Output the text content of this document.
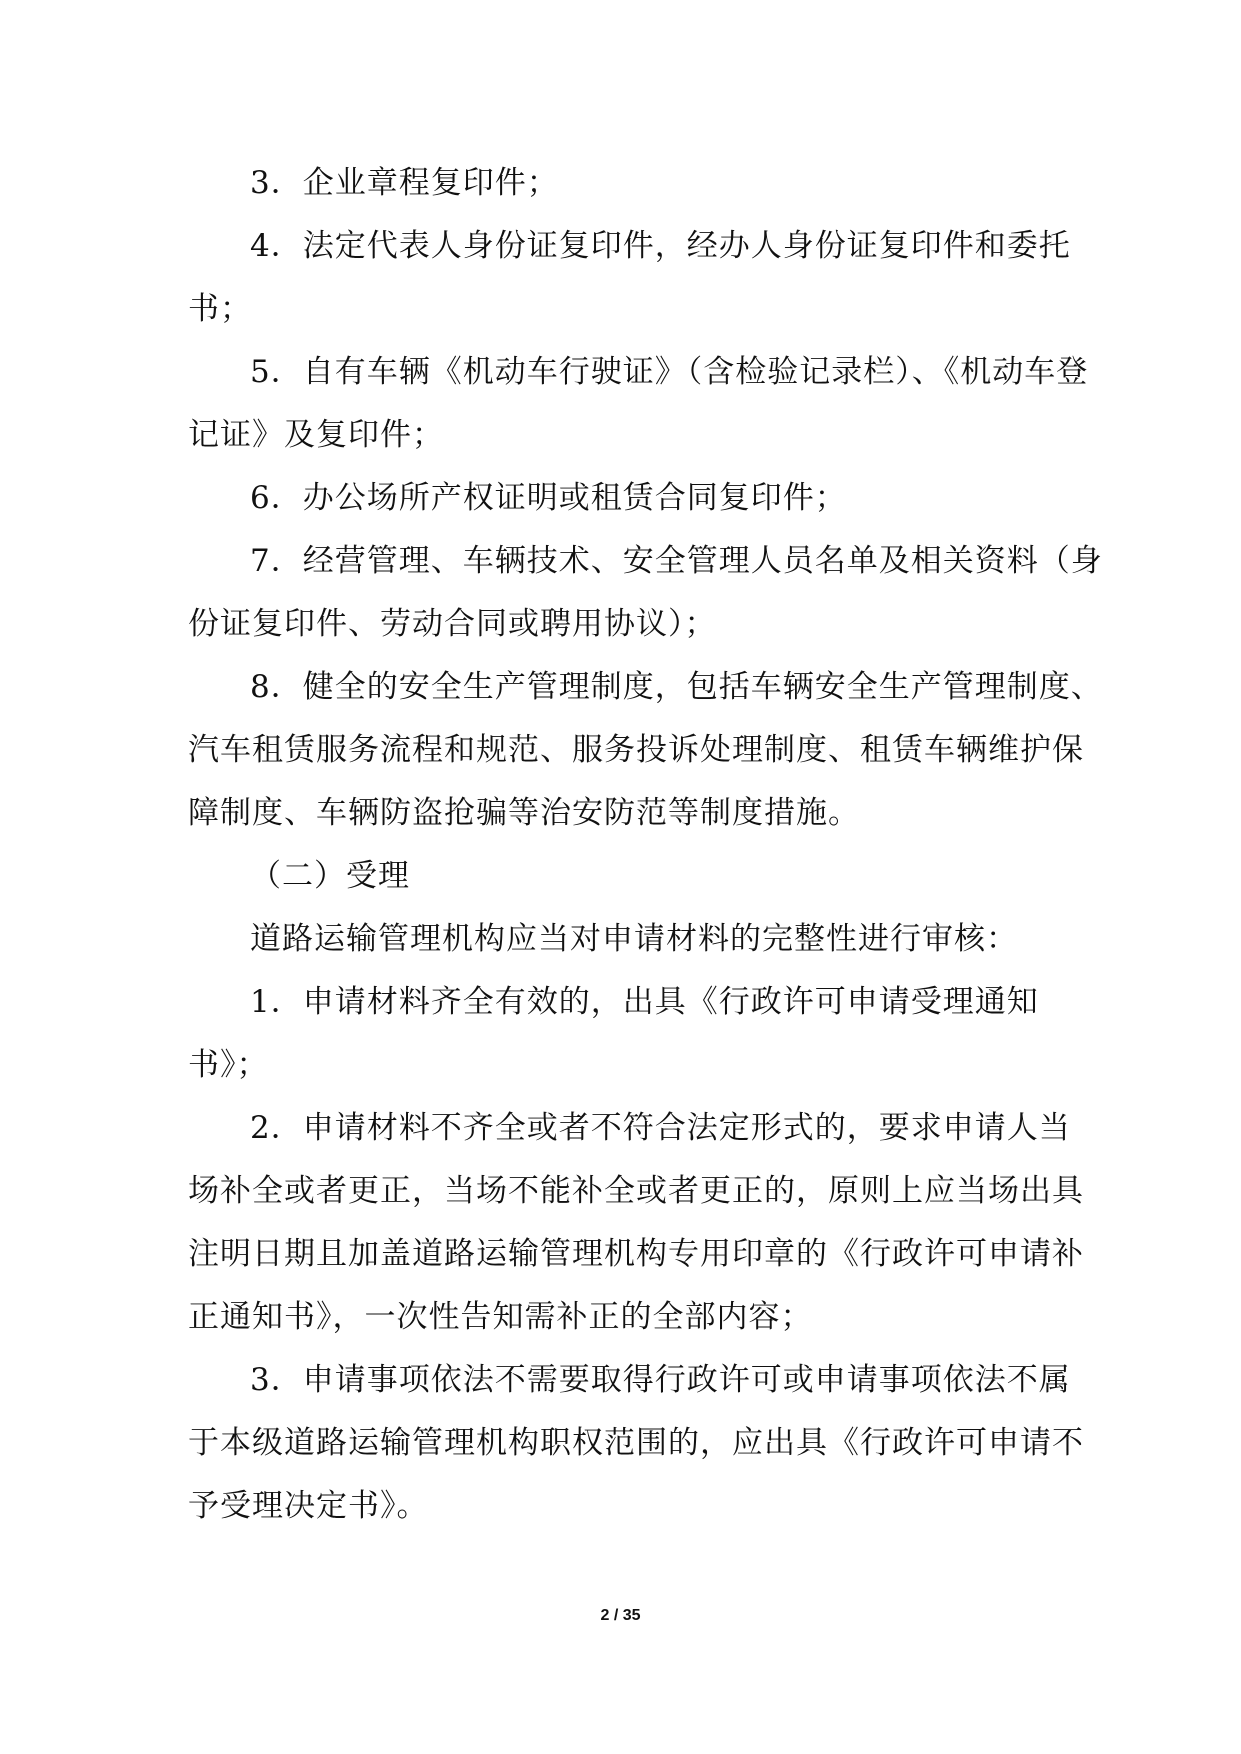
3．企业章程复印件；
4．法定代表人身份证复印件，经办人身份证复印件和委托
书；
5．自有车辆《机动车行驶证》（含检验记录栏）、《机动车登
记证》及复印件；
6．办公场所产权证明或租赁合同复印件；
7．经营管理、车辆技术、安全管理人员名单及相关资料（身
份证复印件、劳动合同或聘用协议）；
8．健全的安全生产管理制度，包括车辆安全生产管理制度、
汽车租赁服务流程和规范、服务投诉处理制度、租赁车辆维护保
障制度、车辆防盗抢骗等治安防范等制度措施。
（二）受理
道路运输管理机构应当对申请材料的完整性进行审核：
1．申请材料齐全有效的，出具《行政许可申请受理通知
书》；
2．申请材料不齐全或者不符合法定形式的，要求申请人当
场补全或者更正，当场不能补全或者更正的，原则上应当场出具
注明日期且加盖道路运输管理机构专用印章的《行政许可申请补
正通知书》，一次性告知需补正的全部内容；
3．申请事项依法不需要取得行政许可或申请事项依法不属
于本级道路运输管理机构职权范围的，应出具《行政许可申请不
予受理决定书》。
2 / 35
